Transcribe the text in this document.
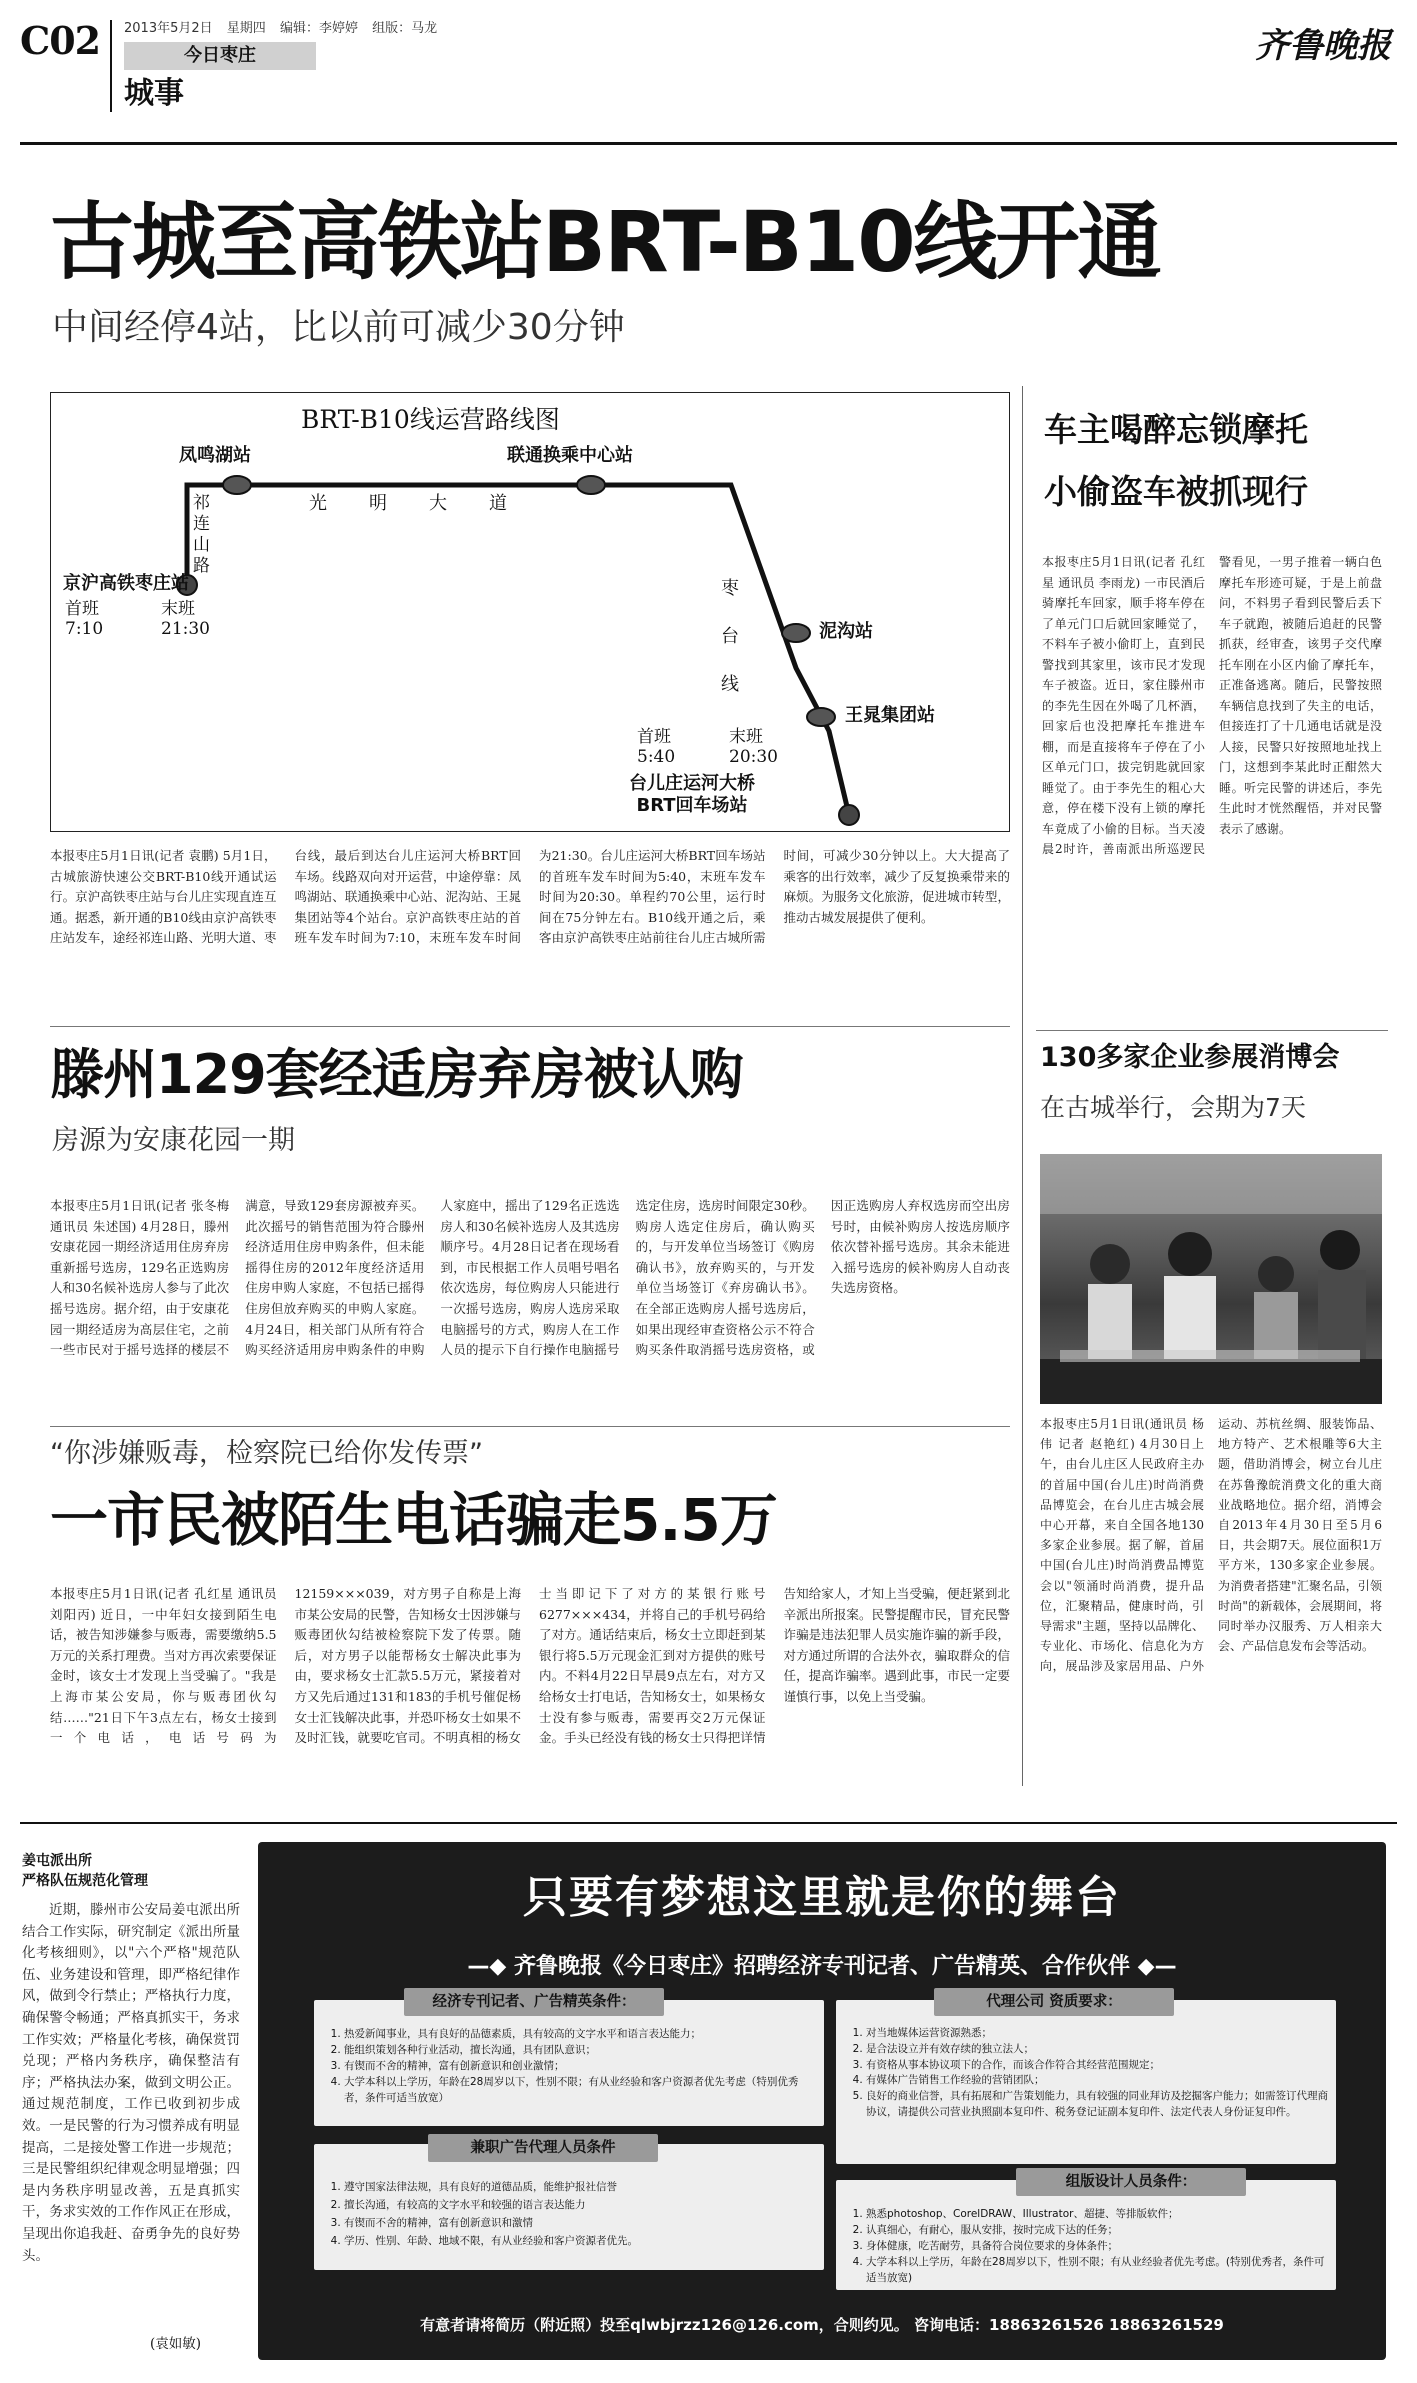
C02 2013年5月2日 星期四 编辑：李婷婷 组版：马龙
今日枣庄
城事
齐鲁晚报
古城至高铁站BRT-B10线开通
中间经停4站，比以前可减少30分钟
BRT-B10线运营路线图
凤鸣湖站	联通换乘中心站
光明大道
祁连山路
枣台线
泥沟站
王晁集团站
京沪高铁枣庄站
首班	末班
7:10	21:30
首班	末班
5:40	20:30
台儿庄运河大桥
BRT回车场站
本报枣庄5月1日讯(记者 袁鹏) 5月1日，古城旅游快速公交BRT-B10线开通试运行。京沪高铁枣庄站与台儿庄实现直连互通。据悉，新开通的B10线由京沪高铁枣庄站发车，途经祁连山路、光明大道、枣台线，最后到达台儿庄运河大桥BRT回车场。线路双向对开运营，中途停靠：凤鸣湖站、联通换乘中心站、泥沟站、王晁集团站等4个站台。京沪高铁枣庄站的首班车发车时间为7:10，末班车发车时间为21:30。台儿庄运河大桥BRT回车场站的首班车发车时间为5:40，末班车发车时间为20:30。单程约70公里，运行时间在75分钟左右。B10线开通之后，乘客由京沪高铁枣庄站前往台儿庄古城所需时间，可减少30分钟以上。大大提高了乘客的出行效率，减少了反复换乘带来的麻烦。为服务文化旅游，促进城市转型，推动古城发展提供了便利。
车主喝醉忘锁摩托
小偷盗车被抓现行
本报枣庄5月1日讯(记者 孔红星 通讯员 李雨龙) 一市民酒后骑摩托车回家，顺手将车停在了单元门口后就回家睡觉了，不料车子被小偷盯上，直到民警找到其家里，该市民才发现车子被盗。近日，家住滕州市的李先生因在外喝了几杯酒，回家后也没把摩托车推进车棚，而是直接将车子停在了小区单元门口，拔完钥匙就回家睡觉了。由于李先生的粗心大意，停在楼下没有上锁的摩托车竟成了小偷的目标。当天凌晨2时许，善南派出所巡逻民警看见，一男子推着一辆白色摩托车形迹可疑，于是上前盘问，不料男子看到民警后丢下车子就跑，被随后追赶的民警抓获，经审查，该男子交代摩托车刚在小区内偷了摩托车，正准备逃离。随后，民警按照车辆信息找到了失主的电话，但接连打了十几通电话就是没人接，民警只好按照地址找上门，这想到李某此时正酣然大睡。听完民警的讲述后，李先生此时才恍然醒悟，并对民警表示了感谢。
130多家企业参展消博会
在古城举行，会期为7天
本报枣庄5月1日讯(通讯员 杨伟 记者 赵艳红) 4月30日上午，由台儿庄区人民政府主办的首届中国(台儿庄)时尚消费品博览会，在台儿庄古城会展中心开幕，来自全国各地130多家企业参展。据了解，首届中国(台儿庄)时尚消费品博览会以"领涌时尚消费，提升品位，汇聚精品，健康时尚，引导需求"主题，坚持以品牌化、专业化、市场化、信息化为方向，展品涉及家居用品、户外运动、苏杭丝绸、服装饰品、地方特产、艺术根雕等6大主题，借助消博会，树立台儿庄在苏鲁豫皖消费文化的重大商业战略地位。据介绍，消博会自2013年4月30日至5月6日，共会期7天。展位面积1万平方米，130多家企业参展。为消费者搭建"汇聚名品，引领时尚"的新载体，会展期间，将同时举办汉服秀、万人相亲大会、产品信息发布会等活动。
滕州129套经适房弃房被认购
房源为安康花园一期
本报枣庄5月1日讯(记者 张冬梅 通讯员 朱述国) 4月28日，滕州安康花园一期经济适用住房弃房重新摇号选房，129名正选购房人和30名候补选房人参与了此次摇号选房。据介绍，由于安康花园一期经适房为高层住宅，之前一些市民对于摇号选择的楼层不满意，导致129套房源被弃买。此次摇号的销售范围为符合滕州经济适用住房申购条件，但未能摇得住房的2012年度经济适用住房申购人家庭，不包括已摇得住房但放弃购买的申购人家庭。4月24日，相关部门从所有符合购买经济适用房申购条件的申购人家庭中，摇出了129名正选选房人和30名候补选房人及其选房顺序号。4月28日记者在现场看到，市民根据工作人员唱号唱名依次选房，每位购房人只能进行一次摇号选房，购房人选房采取电脑摇号的方式，购房人在工作人员的提示下自行操作电脑摇号选定住房，选房时间限定30秒。购房人选定住房后，确认购买的，与开发单位当场签订《购房确认书》，放弃购买的，与开发单位当场签订《弃房确认书》。在全部正选购房人摇号选房后，如果出现经审查资格公示不符合购买条件取消摇号选房资格，或因正选购房人弃权选房而空出房号时，由候补购房人按选房顺序依次替补摇号选房。其余未能进入摇号选房的候补购房人自动丧失选房资格。
“你涉嫌贩毒，检察院已给你发传票”
一市民被陌生电话骗走5.5万
本报枣庄5月1日讯(记者 孔红星 通讯员 刘阳丙) 近日，一中年妇女接到陌生电话，被告知涉嫌参与贩毒，需要缴纳5.5万元的关系打理费。当对方再次索要保证金时，该女士才发现上当受骗了。"我是上海市某公安局，你与贩毒团伙勾结……"21日下午3点左右，杨女士接到一个电话，电话号码为12159×××039，对方男子自称是上海市某公安局的民警，告知杨女士因涉嫌与贩毒团伙勾结被检察院下发了传票。随后，对方男子以能帮杨女士解决此事为由，要求杨女士汇款5.5万元，紧接着对方又先后通过131和183的手机号催促杨女士汇钱解决此事，并恐吓杨女士如果不及时汇钱，就要吃官司。不明真相的杨女士当即记下了对方的某银行账号6277×××434，并将自己的手机号码给了对方。通话结束后，杨女士立即赶到某银行将5.5万元现金汇到对方提供的账号内。不料4月22日早晨9点左右，对方又给杨女士打电话，告知杨女士，如果杨女士没有参与贩毒，需要再交2万元保证金。手头已经没有钱的杨女士只得把详情告知给家人，才知上当受骗，便赶紧到北辛派出所报案。民警提醒市民，冒充民警诈骗是违法犯罪人员实施诈骗的新手段，对方通过所谓的合法外衣，骗取群众的信任，提高诈骗率。遇到此事，市民一定要谨慎行事，以免上当受骗。
姜屯派出所
严格队伍规范化管理
近期，滕州市公安局姜屯派出所结合工作实际，研究制定《派出所量化考核细则》，以"六个严格"规范队伍、业务建设和管理，即严格纪律作风，做到令行禁止；严格执行力度，确保警令畅通；严格真抓实干，务求工作实效；严格量化考核，确保赏罚兑现；严格内务秩序，确保整洁有序；严格执法办案，做到文明公正。通过规范制度，工作已收到初步成效。一是民警的行为习惯养成有明显提高，二是接处警工作进一步规范；三是民警组织纪律观念明显增强；四是内务秩序明显改善，五是真抓实干，务求实效的工作作风正在形成，呈现出你追我赶、奋勇争先的良好势头。
(袁如敏)
只要有梦想这里就是你的舞台
—◆ 齐鲁晚报《今日枣庄》招聘经济专刊记者、广告精英、合作伙伴 ◆—
1. 热爱新闻事业，具有良好的品德素质，具有较高的文字水平和语言表达能力；
2. 能组织策划各种行业活动，擅长沟通，具有团队意识；
3. 有锲而不舍的精神，富有创新意识和创业激情；
4. 大学本科以上学历，年龄在28周岁以下，性别不限；有从业经验和客户资源者优先考虑（特别优秀者，条件可适当放宽）
经济专刊记者、广告精英条件：
1. 遵守国家法律法规，具有良好的道德品质，能维护报社信誉
2. 擅长沟通，有较高的文字水平和较强的语言表达能力
3. 有锲而不舍的精神，富有创新意识和激情
4. 学历、性别、年龄、地域不限，有从业经验和客户资源者优先。
兼职广告代理人员条件
1. 对当地媒体运营资源熟悉；
2. 是合法设立并有效存续的独立法人；
3. 有资格从事本协议项下的合作，而该合作符合其经营范围规定；
4. 有媒体广告销售工作经验的营销团队；
5. 良好的商业信誉，具有拓展和广告策划能力，具有较强的同业拜访及挖掘客户能力；如需签订代理商协议，请提供公司营业执照副本复印件、税务登记证副本复印件、法定代表人身份证复印件。
代理公司 资质要求：
1. 熟悉photoshop、CorelDRAW、Illustrator、超捷、等排版软件；
2. 认真细心，有耐心，服从安排，按时完成下达的任务；
3. 身体健康，吃苦耐劳，具备符合岗位要求的身体条件；
4. 大学本科以上学历，年龄在28周岁以下，性别不限；有从业经验者优先考虑。(特别优秀者，条件可适当放宽)
组版设计人员条件：
有意者请将简历（附近照）投至qlwbjrzz126@126.com，合则约见。 咨询电话：18863261526 18863261529
